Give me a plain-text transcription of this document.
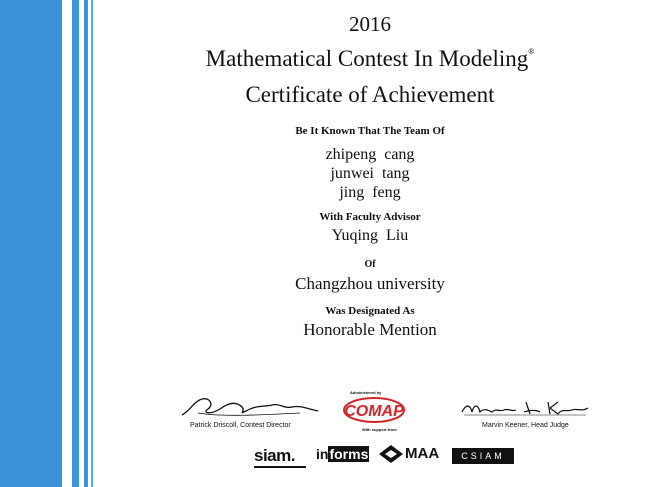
2016
Mathematical Contest In Modeling®
Certificate of Achievement
Be It Known That The Team Of
zhipeng cang
junwei tang
jing feng
With Faculty Advisor
Yuqing Liu
Of
Changzhou university
Was Designated As
Honorable Mention
Patrick Driscoll, Contest Director
Administered by
COMAP
With support from
Marvin Keener, Head Judge
siam. informs MAA	CSIAM
